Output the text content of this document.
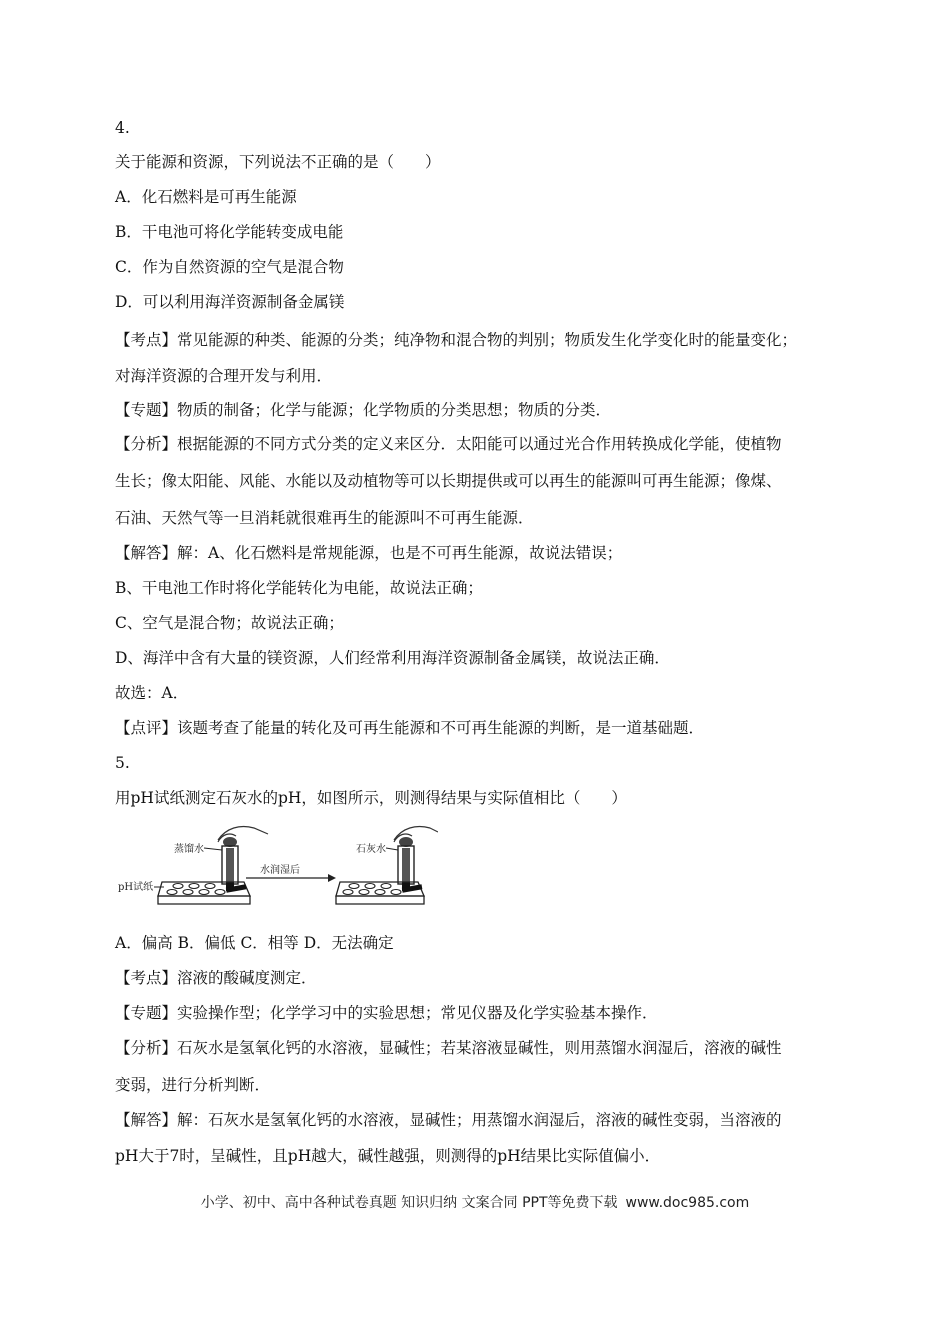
4.
关于能源和资源，下列说法不正确的是（　　）
A．化石燃料是可再生能源
B．干电池可将化学能转变成电能
C．作为自然资源的空气是混合物
D．可以利用海洋资源制备金属镁
【考点】常见能源的种类、能源的分类；纯净物和混合物的判别；物质发生化学变化时的能量变化；
对海洋资源的合理开发与利用．
【专题】物质的制备；化学与能源；化学物质的分类思想；物质的分类．
【分析】根据能源的不同方式分类的定义来区分．太阳能可以通过光合作用转换成化学能，使植物
生长；像太阳能、风能、水能以及动植物等可以长期提供或可以再生的能源叫可再生能源；像煤、
石油、天然气等一旦消耗就很难再生的能源叫不可再生能源．
【解答】解：A、化石燃料是常规能源，也是不可再生能源，故说法错误；
B、干电池工作时将化学能转化为电能，故说法正确；
C、空气是混合物；故说法正确；
D、海洋中含有大量的镁资源，人们经常利用海洋资源制备金属镁，故说法正确．
故选：A．
【点评】该题考查了能量的转化及可再生能源和不可再生能源的判断，是一道基础题．
5.
用pH试纸测定石灰水的pH，如图所示，则测得结果与实际值相比（　　）
蒸馏水
pH试纸
水润湿后
石灰水
A．偏高 B．偏低 C．相等 D．无法确定
【考点】溶液的酸碱度测定．
【专题】实验操作型；化学学习中的实验思想；常见仪器及化学实验基本操作．
【分析】石灰水是氢氧化钙的水溶液，显碱性；若某溶液显碱性，则用蒸馏水润湿后，溶液的碱性
变弱，进行分析判断．
【解答】解：石灰水是氢氧化钙的水溶液，显碱性；用蒸馏水润湿后，溶液的碱性变弱，当溶液的
pH大于7时，呈碱性，且pH越大，碱性越强，则测得的pH结果比实际值偏小．
小学、初中、高中各种试卷真题 知识归纳 文案合同 PPT等免费下载 www.doc985.com
